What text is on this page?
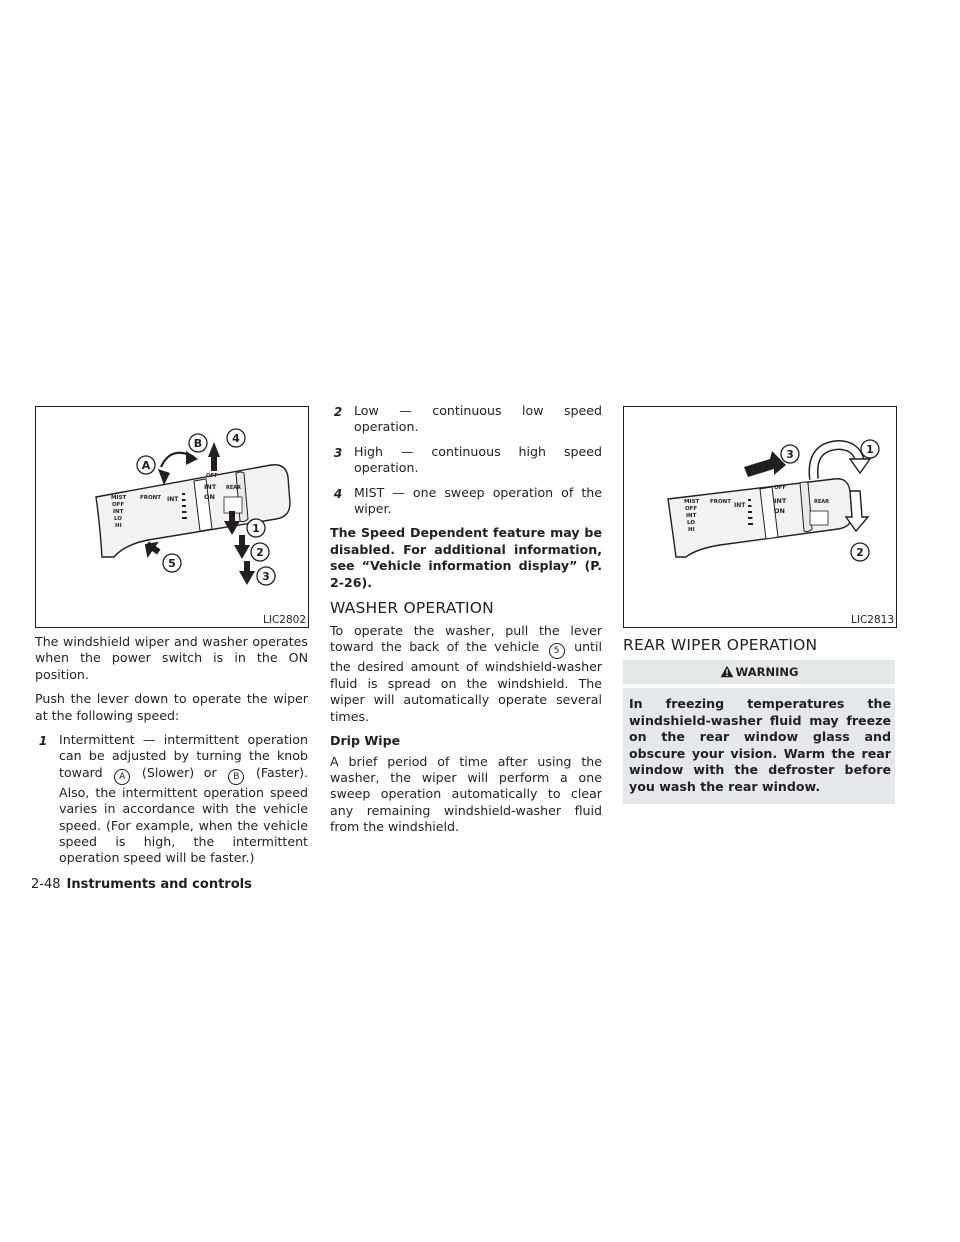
MIST
OFF
INT
LO
HI
FRONT INT
OFF
INT
ON
REAR
A
B	4
1
2
3
5
LIC2802

The windshield wiper and washer operates when the power switch is in the ON position.

Push the lever down to operate the wiper at the following speed:

1 Intermittent — intermittent operation can be adjusted by turning the knob toward A (Slower) or B (Faster). Also, the intermittent operation speed varies in accordance with the vehicle speed. (For example, when the vehicle speed is high, the intermittent operation speed will be faster.)
2 Low — continuous low speed operation.
3 High — continuous high speed operation.
4 MIST — one sweep operation of the wiper.

The Speed Dependent feature may be disabled. For additional information, see “Vehicle information display” (P. 2-26).

WASHER OPERATION

To operate the washer, pull the lever toward the back of the vehicle 5 until the desired amount of windshield-washer fluid is spread on the windshield. The wiper will automatically operate several times.

Drip Wipe

A brief period of time after using the washer, the wiper will perform a one sweep operation automatically to clear any remaining windshield-washer fluid from the windshield.

MIST
OFF
INT
LO
HI
FRONT INT
OFF
INT
ON
REAR
3	1
2
LIC2813
REAR WIPER OPERATION
WARNING
In freezing temperatures the windshield-washer fluid may freeze on the rear window glass and obscure your vision. Warm the rear window with the defroster before you wash the rear window.
2-48 Instruments and controls
